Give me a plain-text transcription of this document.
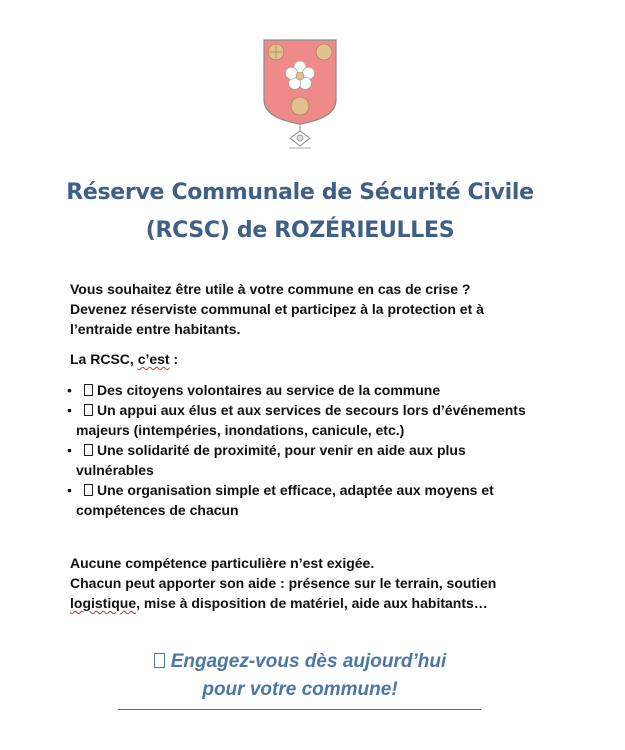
Réserve Communale de Sécurité Civile
(RCSC) de ROZÉRIEULLES
Vous souhaitez être utile à votre commune en cas de crise ?
Devenez réserviste communal et participez à la protection et à
l’entraide entre habitants.
La RCSC, c’est :
• Des citoyens volontaires au service de la commune
• Un appui aux élus et aux services de secours lors d’événements majeurs (intempéries, inondations, canicule, etc.)
• Une solidarité de proximité, pour venir en aide aux plus vulnérables
• Une organisation simple et efficace, adaptée aux moyens et compétences de chacun
Aucune compétence particulière n’est exigée.
Chacun peut apporter son aide : présence sur le terrain, soutien
logistique, mise à disposition de matériel, aide aux habitants…
Engagez-vous dès aujourd’hui
pour votre commune!
